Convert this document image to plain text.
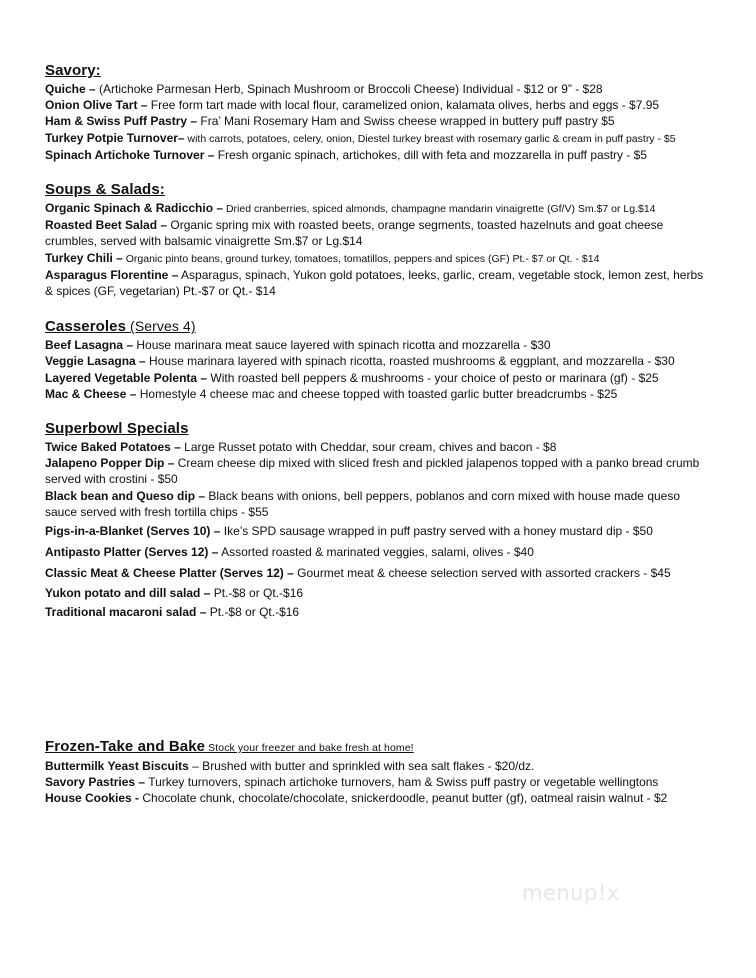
Savory:
Quiche – (Artichoke Parmesan Herb, Spinach Mushroom or Broccoli Cheese) Individual - $12 or 9” - $28
Onion Olive Tart – Free form tart made with local flour, caramelized onion, kalamata olives, herbs and eggs - $7.95
Ham & Swiss Puff Pastry – Fra’ Mani Rosemary Ham and Swiss cheese wrapped in buttery puff pastry $5
Turkey Potpie Turnover– with carrots, potatoes, celery, onion, Diestel turkey breast with rosemary garlic & cream in puff pastry - $5
Spinach Artichoke Turnover – Fresh organic spinach, artichokes, dill with feta and mozzarella in puff pastry - $5
Soups & Salads:
Organic Spinach & Radicchio – Dried cranberries, spiced almonds, champagne mandarin vinaigrette (Gf/V) Sm.$7 or Lg.$14
Roasted Beet Salad – Organic spring mix with roasted beets, orange segments, toasted hazelnuts and goat cheese crumbles, served with balsamic vinaigrette Sm.$7 or Lg.$14
Turkey Chili – Organic pinto beans, ground turkey, tomatoes, tomatillos, peppers and spices (GF) Pt.- $7 or Qt. - $14
Asparagus Florentine – Asparagus, spinach, Yukon gold potatoes, leeks, garlic, cream, vegetable stock, lemon zest, herbs & spices (GF, vegetarian) Pt.-$7 or Qt.- $14
Casseroles (Serves 4)
Beef Lasagna – House marinara meat sauce layered with spinach ricotta and mozzarella - $30
Veggie Lasagna – House marinara layered with spinach ricotta, roasted mushrooms & eggplant, and mozzarella - $30
Layered Vegetable Polenta – With roasted bell peppers & mushrooms - your choice of pesto or marinara (gf) - $25
Mac & Cheese – Homestyle 4 cheese mac and cheese topped with toasted garlic butter breadcrumbs - $25
Superbowl Specials
Twice Baked Potatoes – Large Russet potato with Cheddar, sour cream, chives and bacon - $8
Jalapeno Popper Dip – Cream cheese dip mixed with sliced fresh and pickled jalapenos topped with a panko bread crumb served with crostini - $50
Black bean and Queso dip – Black beans with onions, bell peppers, poblanos and corn mixed with house made queso sauce served with fresh tortilla chips - $55
Pigs-in-a-Blanket (Serves 10) – Ike’s SPD sausage wrapped in puff pastry served with a honey mustard dip - $50
Antipasto Platter (Serves 12) – Assorted roasted & marinated veggies, salami, olives - $40
Classic Meat & Cheese Platter (Serves 12) – Gourmet meat & cheese selection served with assorted crackers - $45
Yukon potato and dill salad – Pt.-$8 or Qt.-$16
Traditional macaroni salad – Pt.-$8 or Qt.-$16
Frozen-Take and Bake Stock your freezer and bake fresh at home!
Buttermilk Yeast Biscuits – Brushed with butter and sprinkled with sea salt flakes - $20/dz.
Savory Pastries – Turkey turnovers, spinach artichoke turnovers, ham & Swiss puff pastry or vegetable wellingtons
House Cookies - Chocolate chunk, chocolate/chocolate, snickerdoodle, peanut butter (gf), oatmeal raisin walnut - $2
menup!x
